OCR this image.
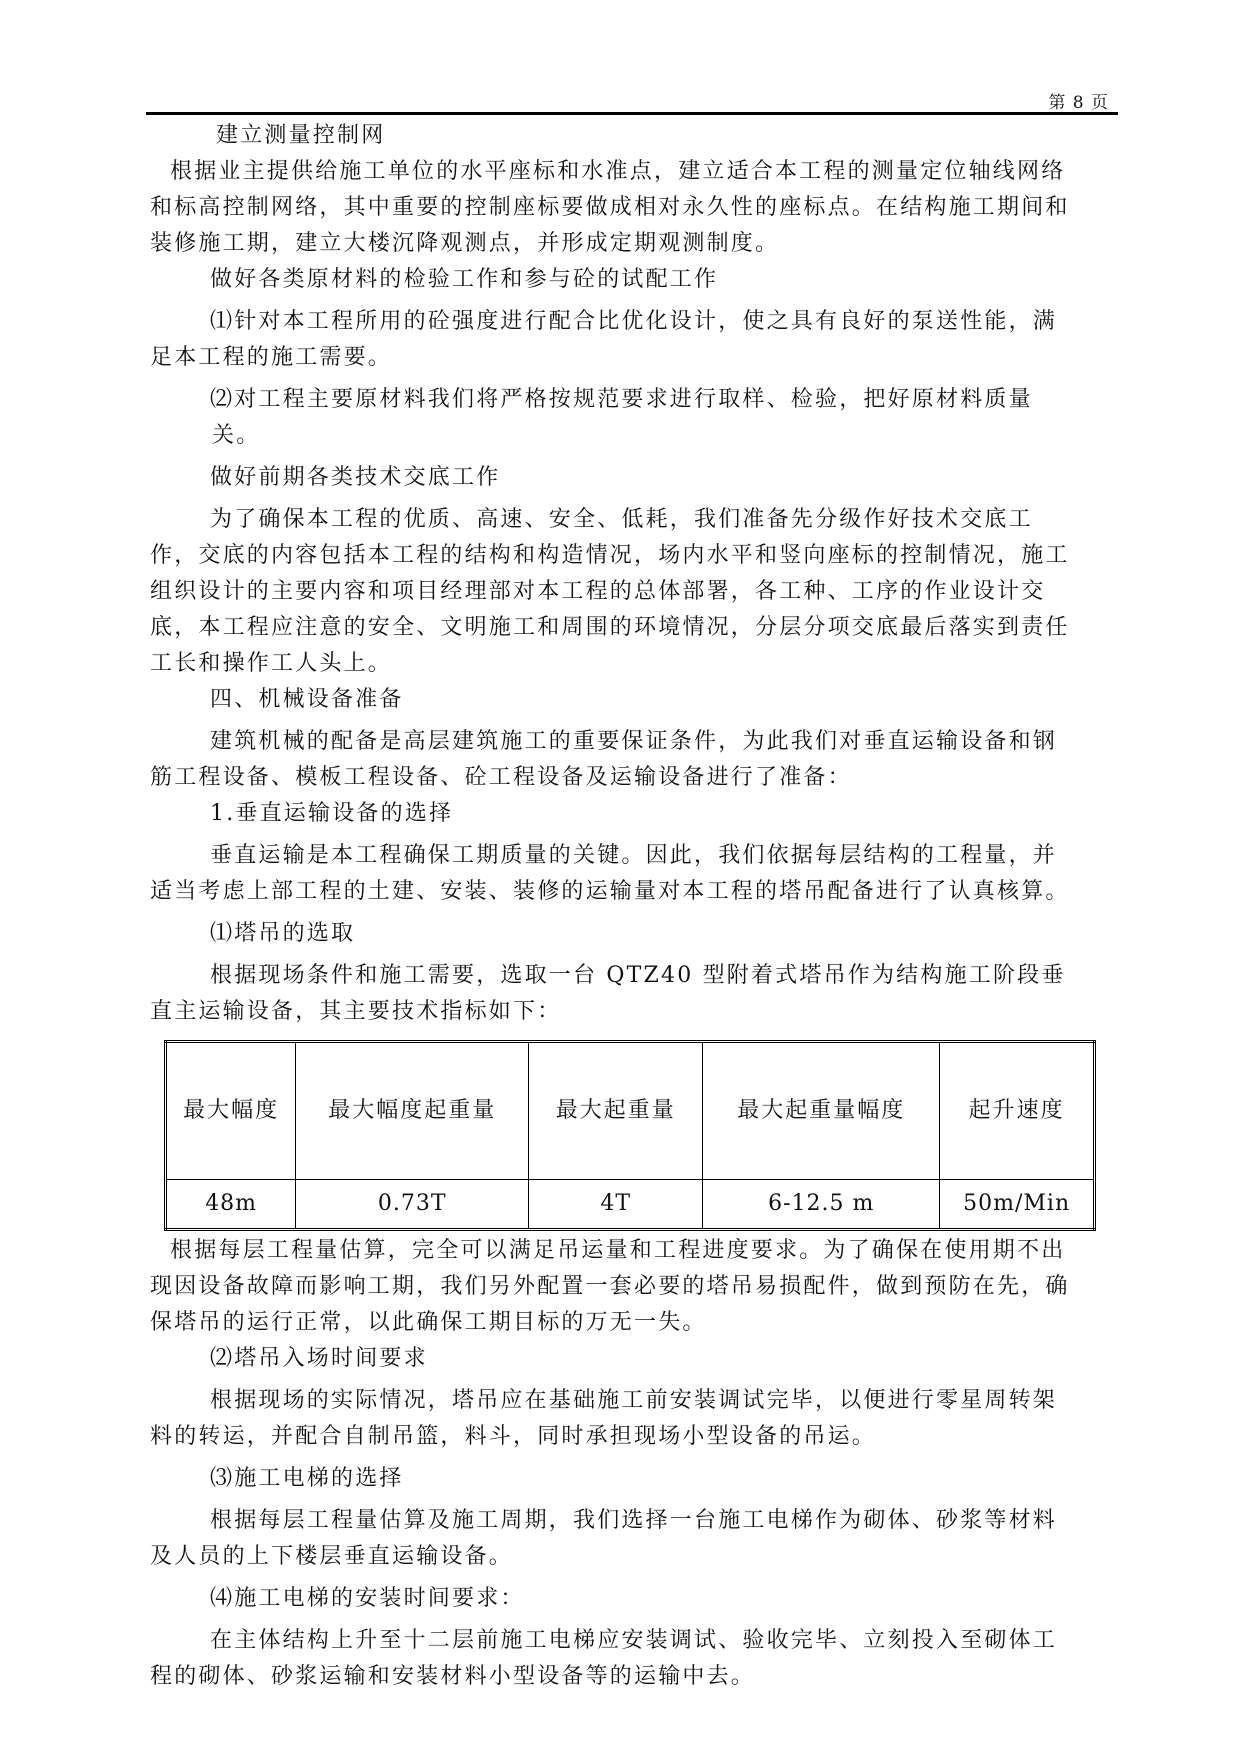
第 8 页

建立测量控制网

根据业主提供给施工单位的水平座标和水准点，建立适合本工程的测量定位轴线网络和标高控制网络，其中重要的控制座标要做成相对永久性的座标点。在结构施工期间和装修施工期，建立大楼沉降观测点，并形成定期观测制度。

做好各类原材料的检验工作和参与砼的试配工作

⑴针对本工程所用的砼强度进行配合比优化设计，使之具有良好的泵送性能，满足本工程的施工需要。

⑵对工程主要原材料我们将严格按规范要求进行取样、检验，把好原材料质量

关。

做好前期各类技术交底工作

为了确保本工程的优质、高速、安全、低耗，我们准备先分级作好技术交底工作，交底的内容包括本工程的结构和构造情况，场内水平和竖向座标的控制情况，施工组织设计的主要内容和项目经理部对本工程的总体部署，各工种、工序的作业设计交底，本工程应注意的安全、文明施工和周围的环境情况，分层分项交底最后落实到责任工长和操作工人头上。

四、机械设备准备

建筑机械的配备是高层建筑施工的重要保证条件，为此我们对垂直运输设备和钢筋工程设备、模板工程设备、砼工程设备及运输设备进行了准备：

1.垂直运输设备的选择

垂直运输是本工程确保工期质量的关键。因此，我们依据每层结构的工程量，并适当考虑上部工程的土建、安装、装修的运输量对本工程的塔吊配备进行了认真核算。

⑴塔吊的选取

根据现场条件和施工需要，选取一台 QTZ40 型附着式塔吊作为结构施工阶段垂直主运输设备，其主要技术指标如下：

最大幅度	最大幅度起重量	最大起重量	最大起重量幅度	起升速度
48m	0.73T	4T	6-12.5 m	50m/Min

根据每层工程量估算，完全可以满足吊运量和工程进度要求。为了确保在使用期不出现因设备故障而影响工期，我们另外配置一套必要的塔吊易损配件，做到预防在先，确保塔吊的运行正常，以此确保工期目标的万无一失。

⑵塔吊入场时间要求

根据现场的实际情况，塔吊应在基础施工前安装调试完毕，以便进行零星周转架料的转运，并配合自制吊篮，料斗，同时承担现场小型设备的吊运。

⑶施工电梯的选择

根据每层工程量估算及施工周期，我们选择一台施工电梯作为砌体、砂浆等材料及人员的上下楼层垂直运输设备。

⑷施工电梯的安装时间要求：

在主体结构上升至十二层前施工电梯应安装调试、验收完毕、立刻投入至砌体工程的砌体、砂浆运输和安装材料小型设备等的运输中去。
